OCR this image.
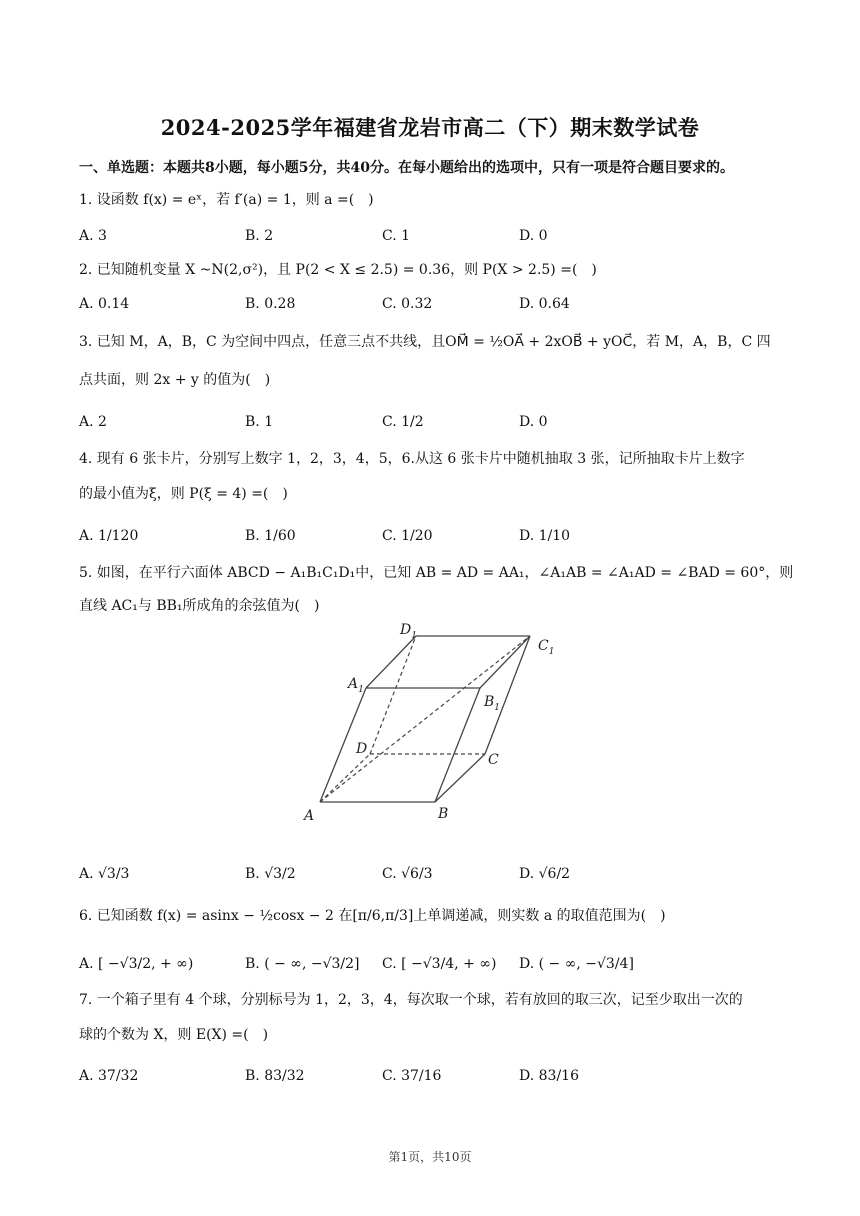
2024-2025学年福建省龙岩市高二（下）期末数学试卷
一、单选题：本题共8小题，每小题5分，共40分。在每小题给出的选项中，只有一项是符合题目要求的。
1. 设函数 f(x) = eˣ，若 f′(a) = 1，则 a =(　)
A. 3	B. 2	C. 1	D. 0
2. 已知随机变量 X ~N(2,σ²)，且 P(2 < X ≤ 2.5) = 0.36，则 P(X > 2.5) =(　)
A. 0.14	B. 0.28	C. 0.32	D. 0.64
3. 已知 M，A，B，C 为空间中四点，任意三点不共线，且OM⃗ = ½OA⃗ + 2xOB⃗ + yOC⃗，若 M，A，B，C 四
点共面，则 2x + y 的值为(　)
A. 2	B. 1	C. 1/2	D. 0
4. 现有 6 张卡片，分别写上数字 1，2，3，4，5，6.从这 6 张卡片中随机抽取 3 张，记所抽取卡片上数字
的最小值为ξ，则 P(ξ = 4) =(　)
A. 1/120	B. 1/60	C. 1/20	D. 1/10
5. 如图，在平行六面体 ABCD − A₁B₁C₁D₁中，已知 AB = AD = AA₁，∠A₁AB = ∠A₁AD = ∠BAD = 60°，则
直线 AC₁与 BB₁所成角的余弦值为(　)
$D_1$
$C_1$
$A_1$
$B_1$
D
C
A	B
A. √3/3	B. √3/2	C. √6/3	D. √6/2
6. 已知函数 f(x) = asinx − ½cosx − 2 在[π/6,π/3]上单调递减，则实数 a 的取值范围为(　)
A. [ −√3/2, + ∞)	B. ( − ∞, −√3/2] C. [ −√3/4, + ∞) D. ( − ∞, −√3/4]
7. 一个箱子里有 4 个球，分别标号为 1，2，3，4，每次取一个球，若有放回的取三次，记至少取出一次的
球的个数为 X，则 E(X) =(　)
A. 37/32	B. 83/32	C. 37/16	D. 83/16
第1页，共10页
